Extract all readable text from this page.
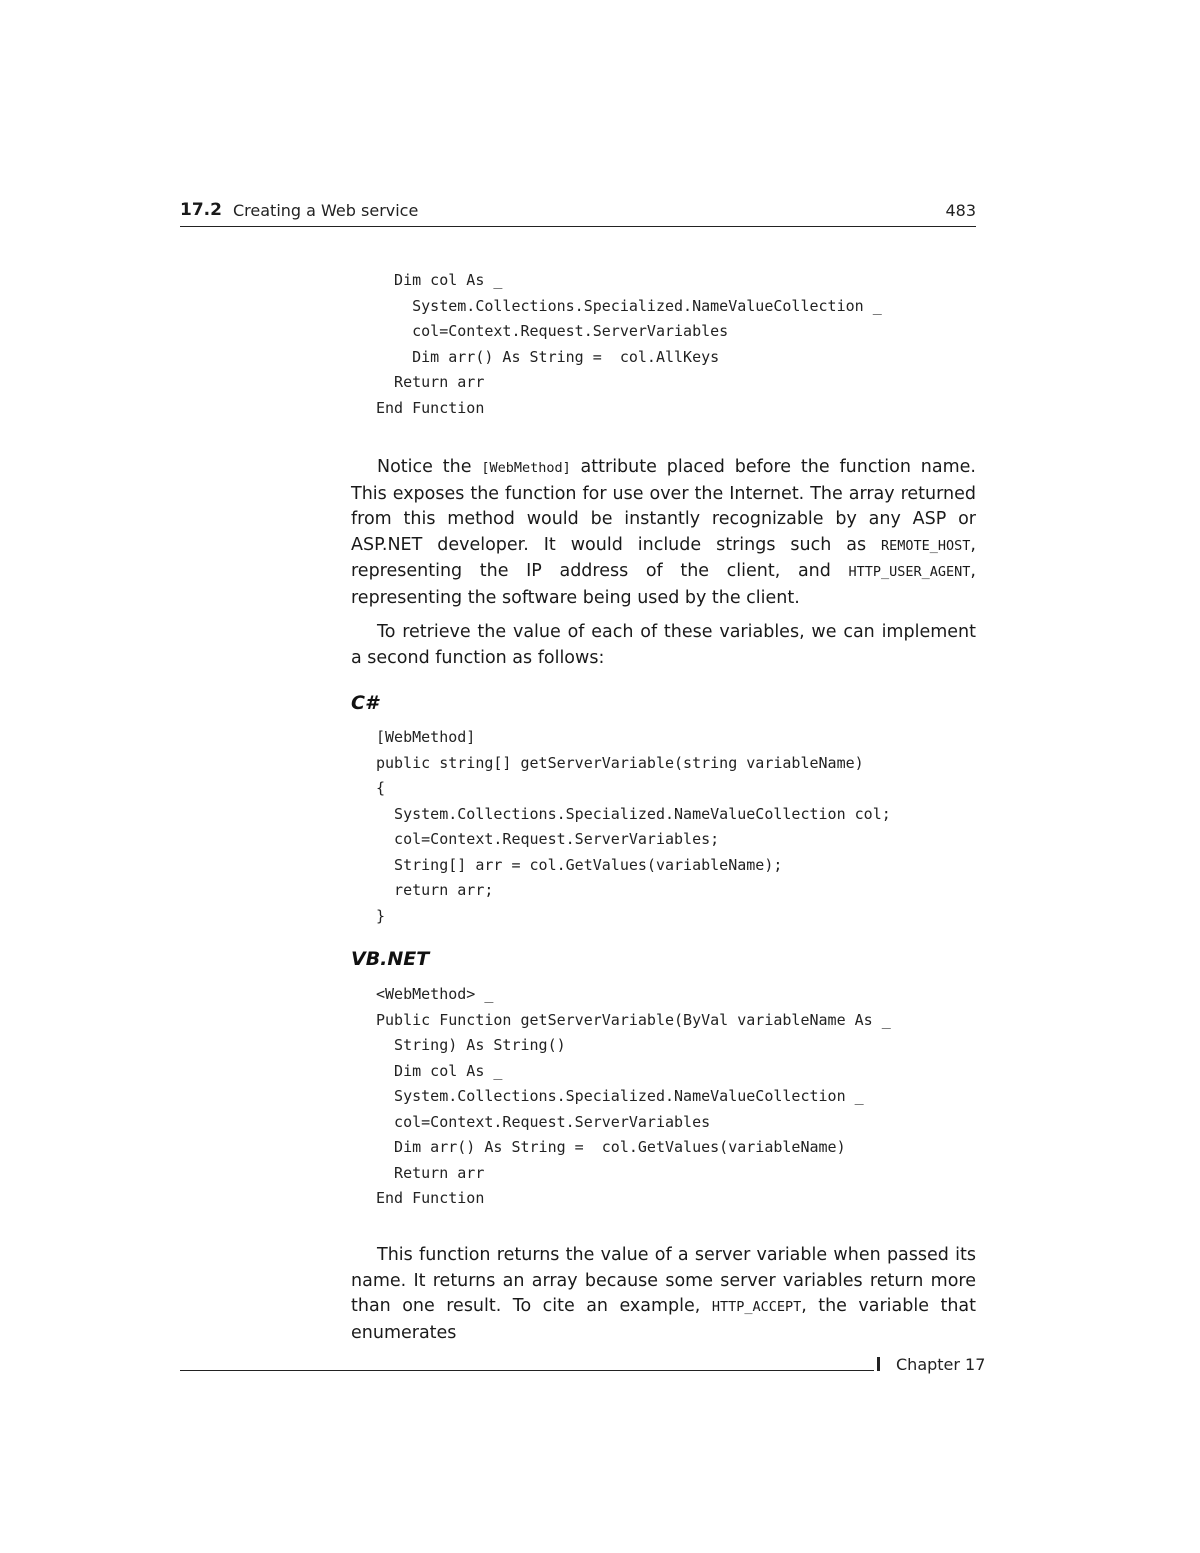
17.2 Creating a Web service	483
Dim col As _
System.Collections.Specialized.NameValueCollection _
col=Context.Request.ServerVariables
Dim arr() As String =  col.AllKeys
Return arr
End Function

Notice the [WebMethod] attribute placed before the function name. This exposes the function for use over the Internet. The array returned from this method would be instantly recognizable by any ASP or ASP.NET developer. It would include strings such as REMOTE_HOST, representing the IP address of the client, and HTTP_USER_AGENT, representing the software being used by the client.

To retrieve the value of each of these variables, we can implement a second function as follows:

C#
[WebMethod]
public string[] getServerVariable(string variableName)
{
System.Collections.Specialized.NameValueCollection col;
col=Context.Request.ServerVariables;
String[] arr = col.GetValues(variableName);
return arr;
}
VB.NET
<WebMethod> _
Public Function getServerVariable(ByVal variableName As _
String) As String()
Dim col As _
System.Collections.Specialized.NameValueCollection _
col=Context.Request.ServerVariables
Dim arr() As String =  col.GetValues(variableName)
Return arr
End Function

This function returns the value of a server variable when passed its name. It returns an array because some server variables return more than one result. To cite an example, HTTP_ACCEPT, the variable that enumerates

Chapter 17
